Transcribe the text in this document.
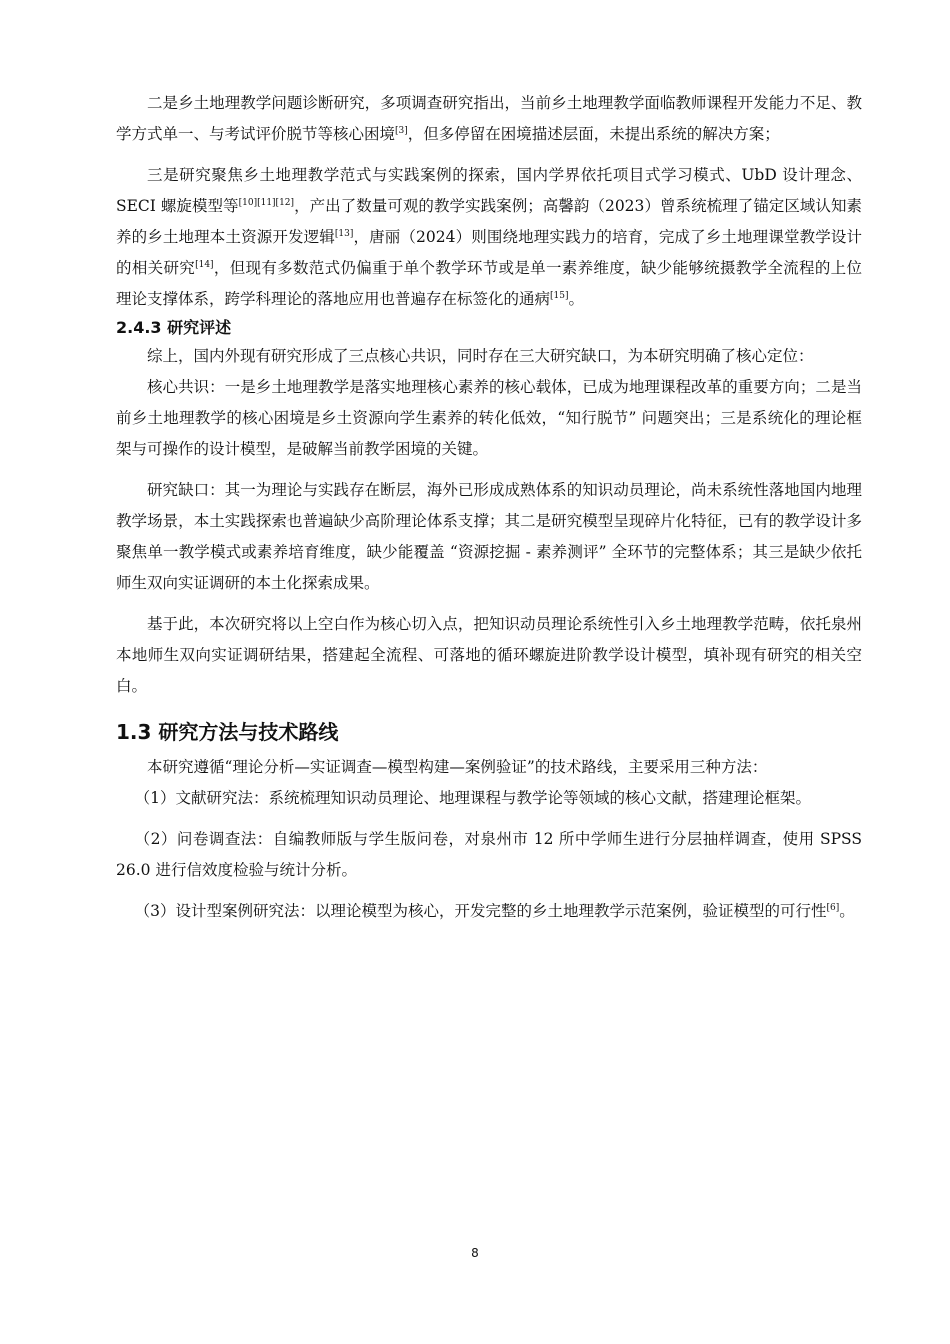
二是乡土地理教学问题诊断研究，多项调查研究指出，当前乡土地理教学面临教师课程开发能力不足、教学方式单一、与考试评价脱节等核心困境[3]，但多停留在困境描述层面，未提出系统的解决方案；

三是研究聚焦乡土地理教学范式与实践案例的探索，国内学界依托项目式学习模式、UbD 设计理念、SECI 螺旋模型等[10][11][12]，产出了数量可观的教学实践案例；高馨韵（2023）曾系统梳理了锚定区域认知素养的乡土地理本土资源开发逻辑[13]，唐丽（2024）则围绕地理实践力的培育，完成了乡土地理课堂教学设计的相关研究[14]，但现有多数范式仍偏重于单个教学环节或是单一素养维度，缺少能够统摄教学全流程的上位理论支撑体系，跨学科理论的落地应用也普遍存在标签化的通病[15]。

2.4.3 研究评述

综上，国内外现有研究形成了三点核心共识，同时存在三大研究缺口，为本研究明确了核心定位：

核心共识：一是乡土地理教学是落实地理核心素养的核心载体，已成为地理课程改革的重要方向；二是当前乡土地理教学的核心困境是乡土资源向学生素养的转化低效，“知行脱节” 问题突出；三是系统化的理论框架与可操作的设计模型，是破解当前教学困境的关键。

研究缺口：其一为理论与实践存在断层，海外已形成成熟体系的知识动员理论，尚未系统性落地国内地理教学场景，本土实践探索也普遍缺少高阶理论体系支撑；其二是研究模型呈现碎片化特征，已有的教学设计多聚焦单一教学模式或素养培育维度，缺少能覆盖 “资源挖掘 - 素养测评” 全环节的完整体系；其三是缺少依托师生双向实证调研的本土化探索成果。

基于此，本次研究将以上空白作为核心切入点，把知识动员理论系统性引入乡土地理教学范畴，依托泉州本地师生双向实证调研结果，搭建起全流程、可落地的循环螺旋进阶教学设计模型，填补现有研究的相关空白。

1.3 研究方法与技术路线

本研究遵循“理论分析—实证调查—模型构建—案例验证”的技术路线，主要采用三种方法：

（1）文献研究法：系统梳理知识动员理论、地理课程与教学论等领域的核心文献，搭建理论框架。

（2）问卷调查法：自编教师版与学生版问卷，对泉州市 12 所中学师生进行分层抽样调查，使用 SPSS 26.0 进行信效度检验与统计分析。

（3）设计型案例研究法：以理论模型为核心，开发完整的乡土地理教学示范案例，验证模型的可行性[6]。

8
